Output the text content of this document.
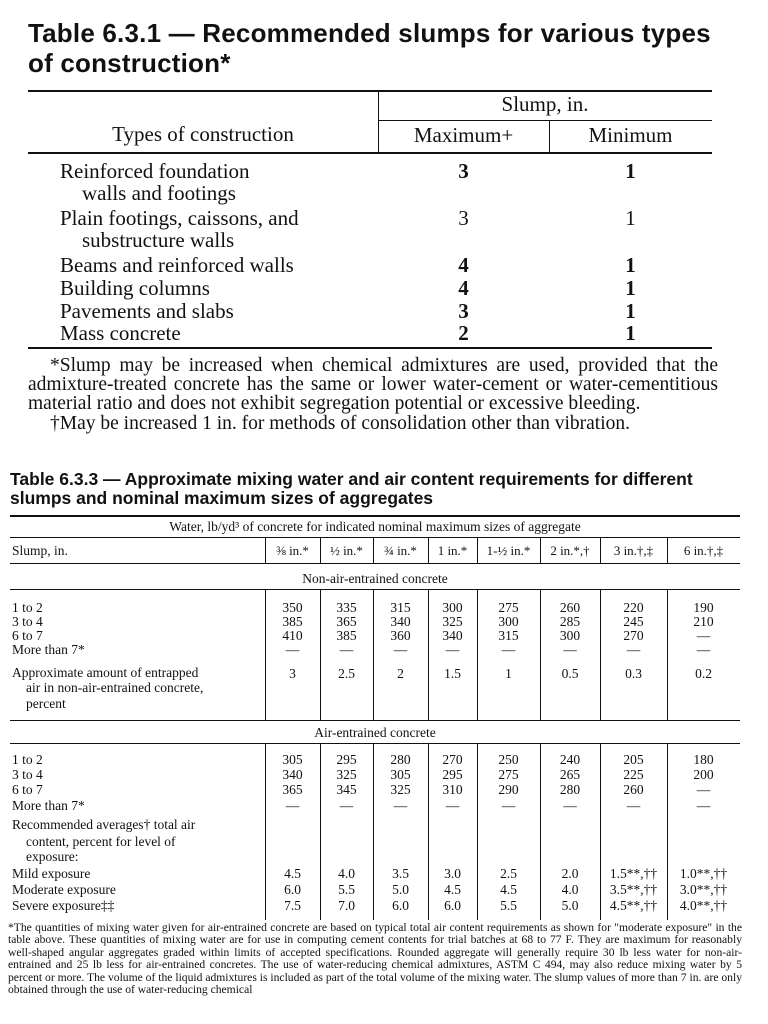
Table 6.3.1 — Recommended slumps for various types of construction*
Slump, in.
Types of construction	Maximum+	Minimum
Reinforced foundation
walls and footings
3	1
Plain footings, caissons, and
substructure walls
3	1
Beams and reinforced walls	4	1
Building columns	4	1
Pavements and slabs	3	1
Mass concrete	2	1

*Slump may be increased when chemical admixtures are used, provided that the admixture-treated concrete has the same or lower water-cement or water-cementitious material ratio and does not exhibit segregation potential or excessive bleeding.

†May be increased 1 in. for methods of consolidation other than vibration.

Table 6.3.3 — Approximate mixing water and air content requirements for different slumps and nominal maximum sizes of aggregates
Water, lb/yd³ of concrete for indicated nominal maximum sizes of aggregate
Slump, in.	⅜ in.*	½ in.*	¾ in.*	1 in.*	1-½ in.*	2 in.*,†	3 in.†,‡	6 in.†,‡
Non-air-entrained concrete
1 to 2	350	335	315	300	275	260	220	190
3 to 4	385	365	340	325	300	285	245	210
6 to 7	410	385	360	340	315	300	270	—
More than 7*	—	—	—	—	—	—	—	—
Approximate amount of entrapped
air in non-air-entrained concrete,
percent
3	2.5	2	1.5	1	0.5	0.3	0.2
Air-entrained concrete
1 to 2	305	295	280	270	250	240	205	180
3 to 4	340	325	305	295	275	265	225	200
6 to 7	365	345	325	310	290	280	260	—
More than 7*	—	—	—	—	—	—	—	—
Recommended averages† total air
content, percent for level of
exposure:
Mild exposure	4.5	4.0	3.5	3.0	2.5	2.0	1.5**,††	1.0**,††
Moderate exposure	6.0	5.5	5.0	4.5	4.5	4.0	3.5**,††	3.0**,††
Severe exposure‡‡	7.5	7.0	6.0	6.0	5.5	5.0	4.5**,††	4.0**,††
*The quantities of mixing water given for air-entrained concrete are based on typical total air content requirements as shown for "moderate exposure" in the table above. These quantities of mixing water are for use in computing cement contents for trial batches at 68 to 77 F. They are maximum for reasonably well-shaped angular aggregates graded within limits of accepted specifications. Rounded aggregate will generally require 30 lb less water for non-air-entrained and 25 lb less for air-entrained concretes. The use of water-reducing chemical admixtures, ASTM C 494, may also reduce mixing water by 5 percent or more. The volume of the liquid admixtures is included as part of the total volume of the mixing water. The slump values of more than 7 in. are only obtained through the use of water-reducing chemical
